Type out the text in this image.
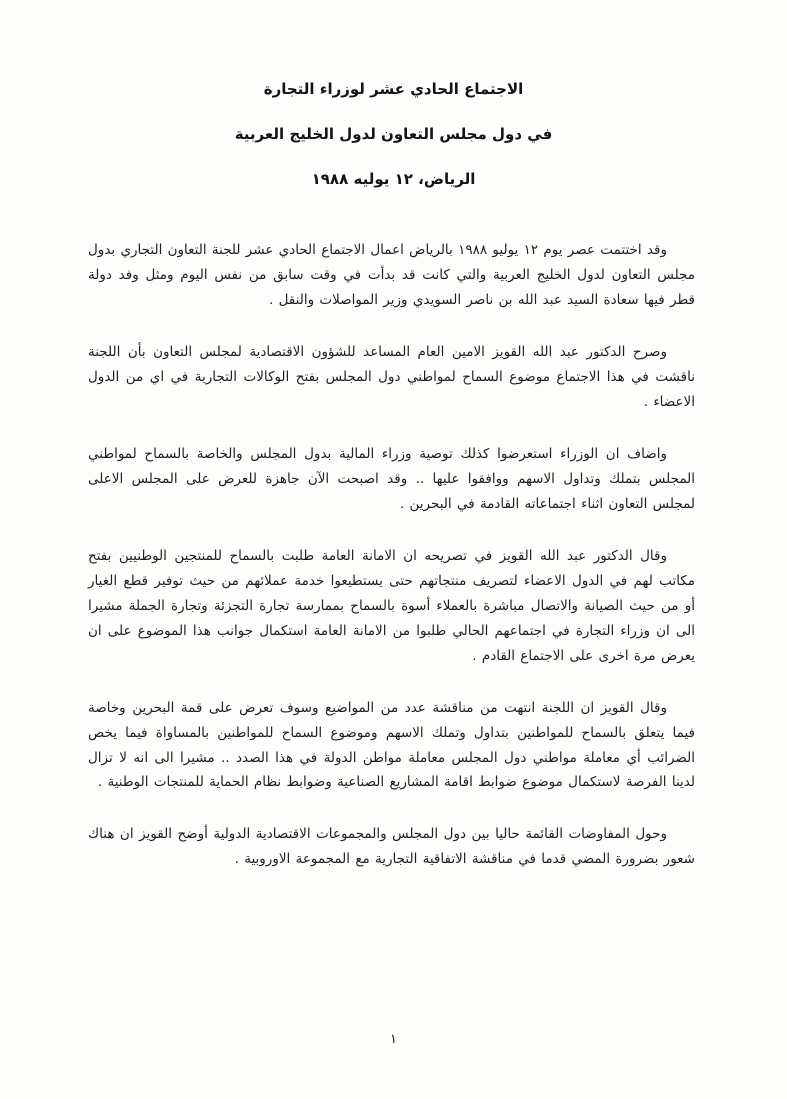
الاجتماع الحادي عشر لوزراء التجارة
في دول مجلس التعاون لدول الخليج العربية
الرياض، ١٢ يوليه ١٩٨٨

وقد اختتمت عصر يوم ١٢ يوليو ١٩٨٨ بالرياض اعمال الاجتماع الحادي عشر للجنة التعاون التجاري بدول مجلس التعاون لدول الخليج العربية والتي كانت قد بدأت في وقت سابق من نفس اليوم ومثل وفد دولة قطر فيها سعادة السيد عبد الله بن ناصر السويدي وزير المواصلات والنقل .

وصرح الدكتور عبد الله القويز الامين العام المساعد للشؤون الاقتصادية لمجلس التعاون بأن اللجنة ناقشت في هذا الاجتماع موضوع السماح لمواطني دول المجلس بفتح الوكالات التجارية في اي من الدول الاعضاء .

واضاف ان الوزراء استعرضوا كذلك توصية وزراء المالية بدول المجلس والخاصة بالسماح لمواطني المجلس بتملك وتداول الاسهم ووافقوا عليها .. وقد اصبحت الآن جاهزة للعرض على المجلس الاعلى لمجلس التعاون اثناء اجتماعاته القادمة في البحرين .

وقال الدكتور عبد الله القويز في تصريحه ان الامانة العامة طلبت بالسماح للمنتجين الوطنيين بفتح مكاتب لهم في الدول الاعضاء لتصريف منتجاتهم حتى يستطيعوا خدمة عملائهم من حيث توفير قطع الغيار أو من حيث الصيانة والاتصال مباشرة بالعملاء أسوة بالسماح بممارسة تجارة التجزئة وتجارة الجملة مشيرا الى ان وزراء التجارة في اجتماعهم الحالي طلبوا من الامانة العامة استكمال جوانب هذا الموضوع على ان يعرض مرة اخرى على الاجتماع القادم .

وقال القويز ان اللجنة انتهت من مناقشة عدد من المواضيع وسوف تعرض على قمة البحرين وخاصة فيما يتعلق بالسماح للمواطنين بتداول وتملك الاسهم وموضوع السماح للمواطنين بالمساواة فيما يخص الضرائب أي معاملة مواطني دول المجلس معاملة مواطن الدولة في هذا الصدد .. مشيرا الى انه لا تزال لدينا الفرصة لاستكمال موضوع ضوابط اقامة المشاريع الصناعية وضوابط نظام الحماية للمنتجات الوطنية .

وحول المفاوضات القائمة حاليا بين دول المجلس والمجموعات الاقتصادية الدولية أوضح القويز ان هناك شعور بضرورة المضي قدما في مناقشة الاتفاقية التجارية مع المجموعة الاوروبية .

١
